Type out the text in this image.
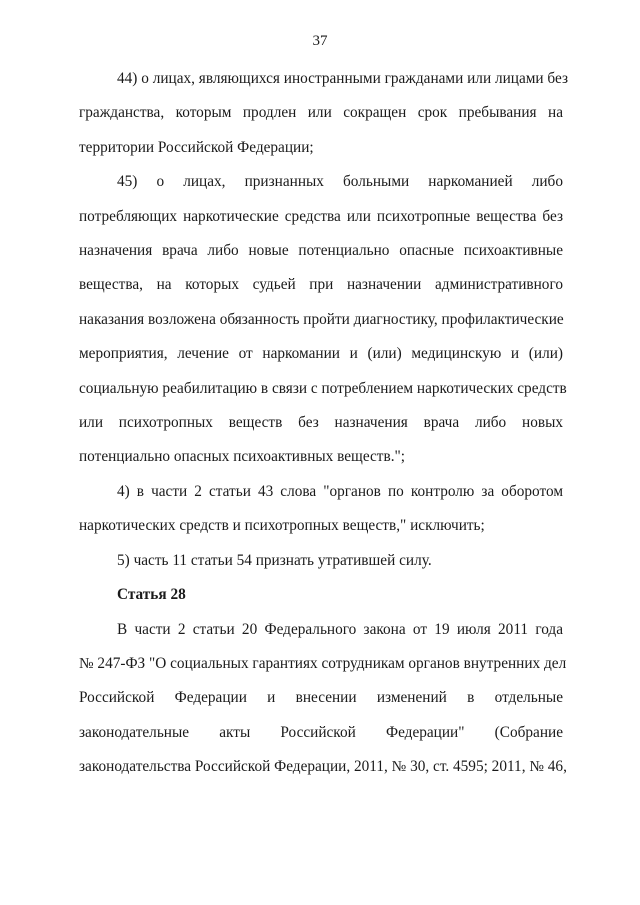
37
44) о лицах, являющихся иностранными гражданами или лицами без
гражданства, которым продлен или сокращен срок пребывания на
территории Российской Федерации;
45) о лицах, признанных больными наркоманией либо
потребляющих наркотические средства или психотропные вещества без
назначения врача либо новые потенциально опасные психоактивные
вещества, на которых судьей при назначении административного
наказания возложена обязанность пройти диагностику, профилактические
мероприятия, лечение от наркомании и (или) медицинскую и (или)
социальную реабилитацию в связи с потреблением наркотических средств
или психотропных веществ без назначения врача либо новых
потенциально опасных психоактивных веществ.";
4) в части 2 статьи 43 слова "органов по контролю за оборотом
наркотических средств и психотропных веществ," исключить;
5) часть 11 статьи 54 признать утратившей силу.
Статья 28
В части 2 статьи 20 Федерального закона от 19 июля 2011 года
№ 247-ФЗ "О социальных гарантиях сотрудникам органов внутренних дел
Российской Федерации и внесении изменений в отдельные
законодательные акты Российской Федерации" (Собрание
законодательства Российской Федерации, 2011, № 30, ст. 4595; 2011, № 46,
